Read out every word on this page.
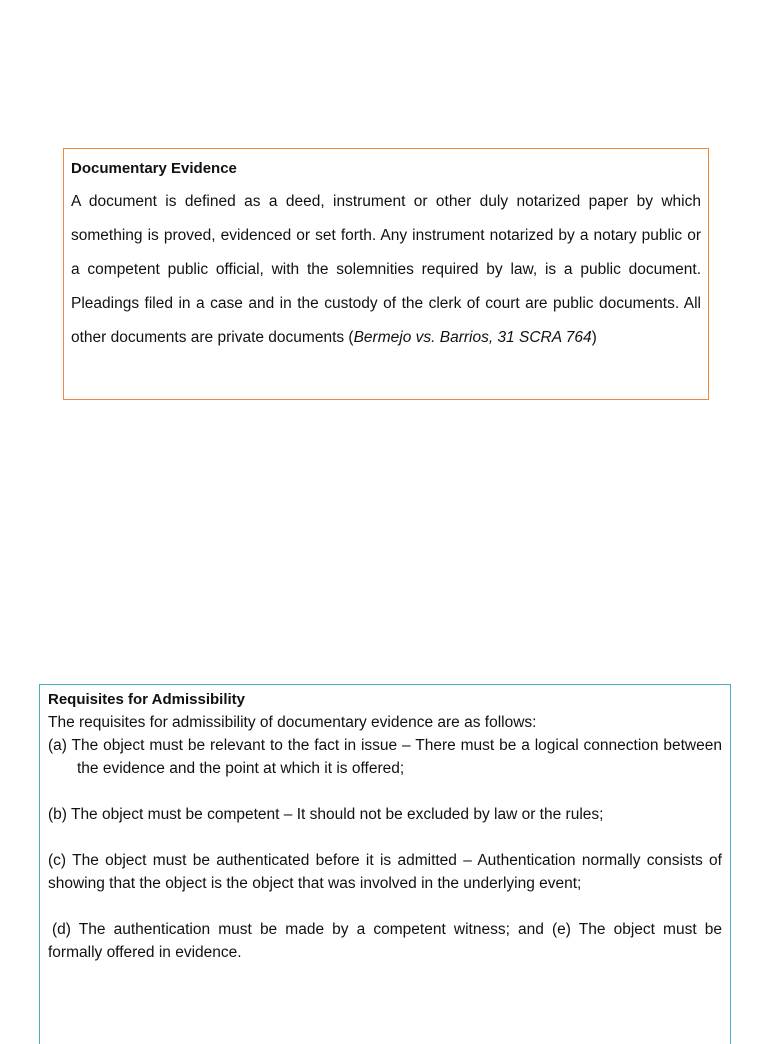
Documentary Evidence

A document is defined as a deed, instrument or other duly notarized paper by which something is proved, evidenced or set forth. Any instrument notarized by a notary public or a competent public official, with the solemnities required by law, is a public document. Pleadings filed in a case and in the custody of the clerk of court are public documents. All other documents are private documents (Bermejo vs. Barrios, 31 SCRA 764)

Requisites for Admissibility
The requisites for admissibility of documentary evidence are as follows:
(a) The object must be relevant to the fact in issue – There must be a logical connection between the evidence and the point at which it is offered;
(b) The object must be competent – It should not be excluded by law or the rules;
(c) The object must be authenticated before it is admitted – Authentication normally consists of showing that the object is the object that was involved in the underlying event;
(d) The authentication must be made by a competent witness; and (e) The object must be formally offered in evidence.
